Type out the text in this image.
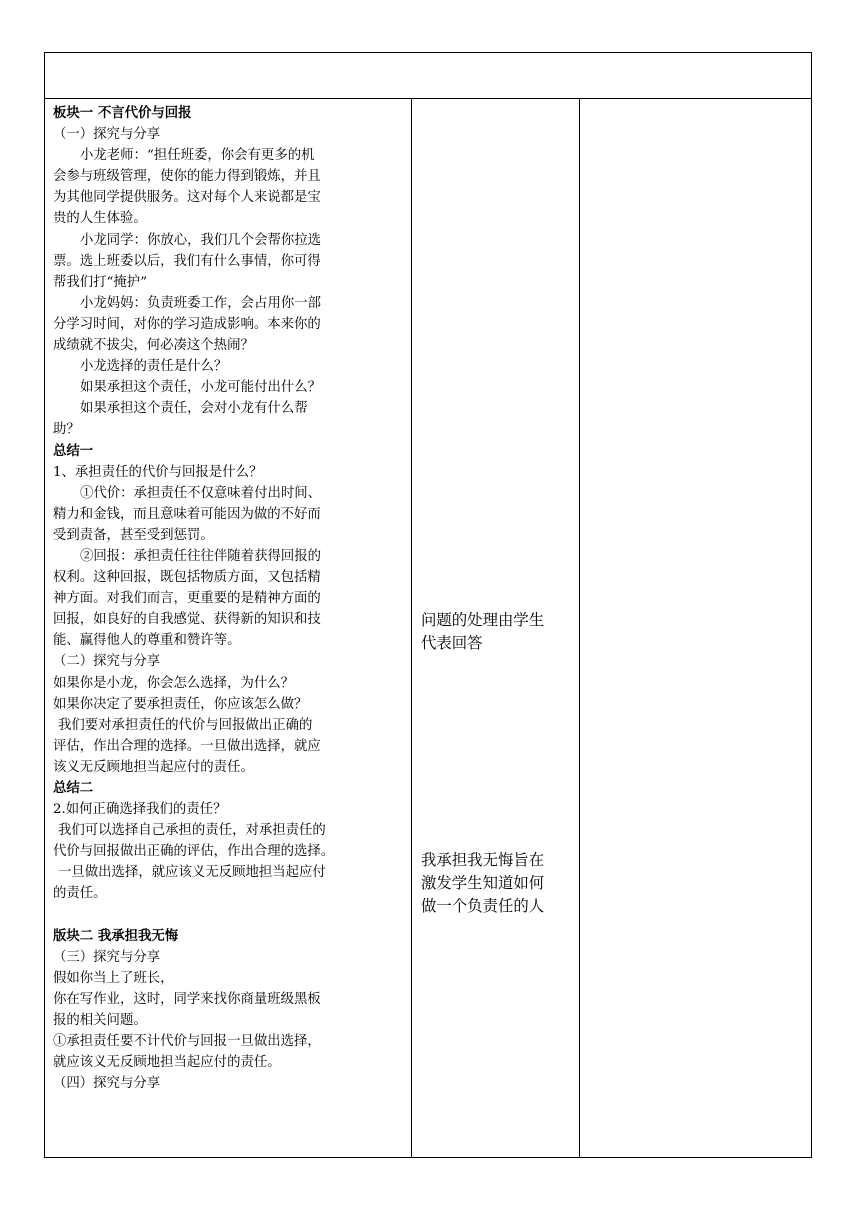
板块一 不言代价与回报
（一）探究与分享
小龙老师：“担任班委，你会有更多的机
会参与班级管理，使你的能力得到锻炼，并且
为其他同学提供服务。这对每个人来说都是宝
贵的人生体验。
小龙同学：你放心，我们几个会帮你拉选
票。选上班委以后，我们有什么事情，你可得
帮我们打“掩护”
小龙妈妈：负责班委工作，会占用你一部
分学习时间，对你的学习造成影响。本来你的
成绩就不拔尖，何必凑这个热闹？
小龙选择的责任是什么？
如果承担这个责任，小龙可能付出什么？
如果承担这个责任，会对小龙有什么帮
助？
总结一
1、承担责任的代价与回报是什么？
①代价：承担责任不仅意味着付出时间、
精力和金钱，而且意味着可能因为做的不好而
受到责备，甚至受到惩罚。
②回报：承担责任往往伴随着获得回报的
权利。这种回报，既包括物质方面，又包括精
神方面。对我们而言，更重要的是精神方面的
回报，如良好的自我感觉、获得新的知识和技
能、赢得他人的尊重和赞许等。
（二）探究与分享
如果你是小龙，你会怎么选择，为什么？
如果你决定了要承担责任，你应该怎么做？
我们要对承担责任的代价与回报做出正确的
评估，作出合理的选择。一旦做出选择，就应
该义无反顾地担当起应付的责任。
总结二
2.如何正确选择我们的责任？
我们可以选择自己承担的责任，对承担责任的
代价与回报做出正确的评估，作出合理的选择。
一旦做出选择，就应该义无反顾地担当起应付
的责任。
版块二 我承担我无悔
（三）探究与分享
假如你当上了班长，
你在写作业，这时，同学来找你商量班级黑板
报的相关问题。
①承担责任要不计代价与回报一旦做出选择，
就应该义无反顾地担当起应付的责任。
（四）探究与分享
问题的处理由学生
代表回答
我承担我无悔旨在
激发学生知道如何
做一个负责任的人
